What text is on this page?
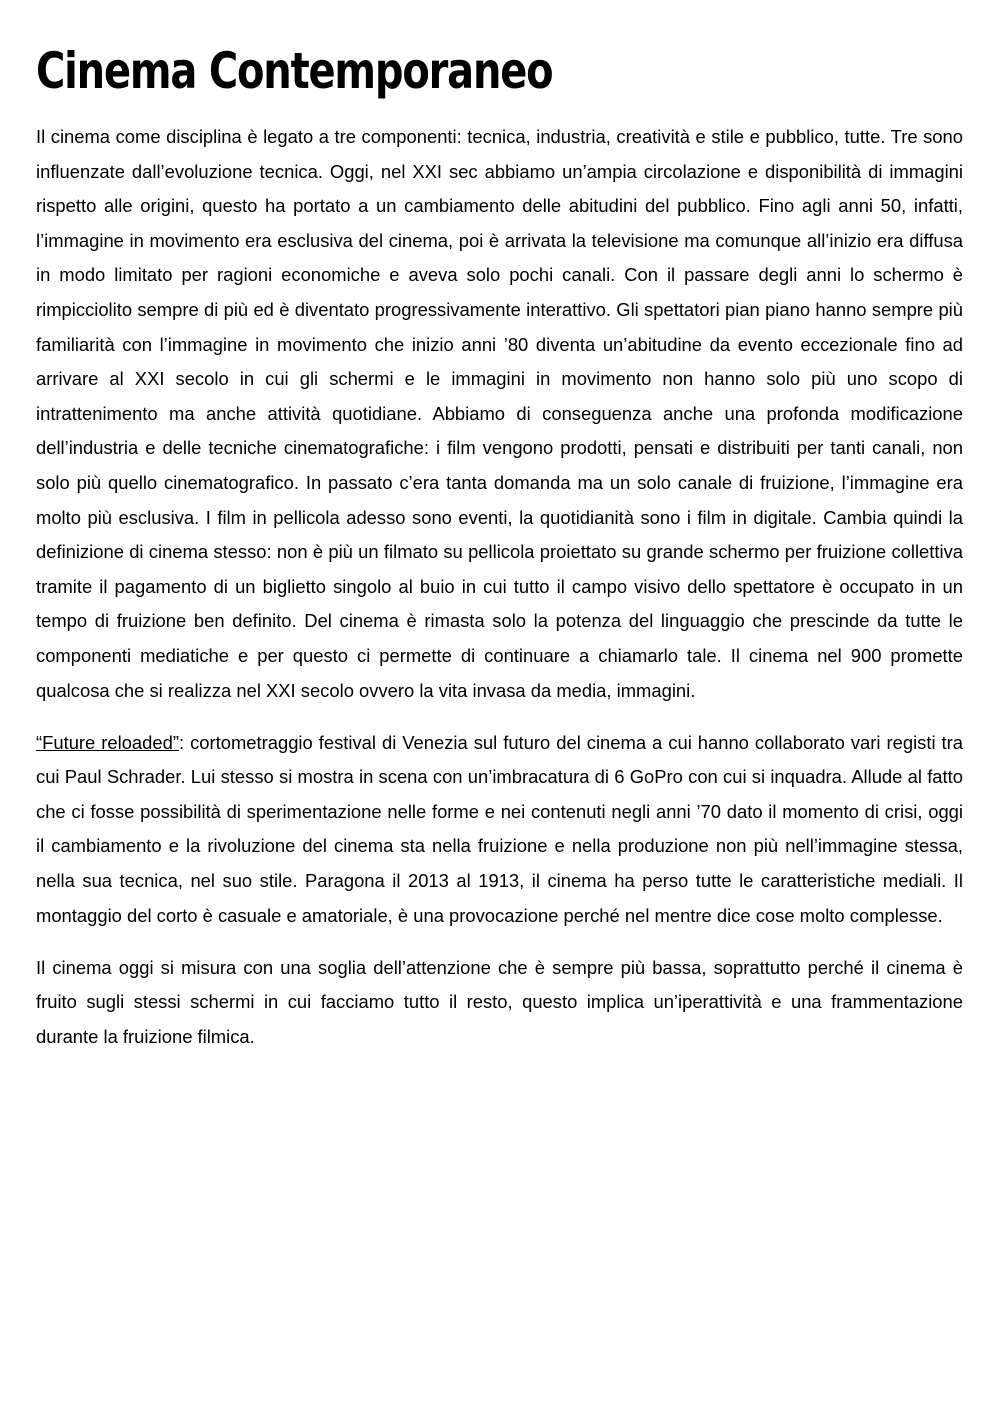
Cinema Contemporaneo

Il cinema come disciplina è legato a tre componenti: tecnica, industria, creatività e stile e pubblico, tutte. Tre sono influenzate dall’evoluzione tecnica. Oggi, nel XXI sec abbiamo un’ampia circolazione e disponibilità di immagini rispetto alle origini, questo ha portato a un cambiamento delle abitudini del pubblico. Fino agli anni 50, infatti, l’immagine in movimento era esclusiva del cinema, poi è arrivata la televisione ma comunque all’inizio era diffusa in modo limitato per ragioni economiche e aveva solo pochi canali. Con il passare degli anni lo schermo è rimpicciolito sempre di più ed è diventato progressivamente interattivo. Gli spettatori pian piano hanno sempre più familiarità con l’immagine in movimento che inizio anni ’80 diventa un’abitudine da evento eccezionale fino ad arrivare al XXI secolo in cui gli schermi e le immagini in movimento non hanno solo più uno scopo di intrattenimento ma anche attività quotidiane. Abbiamo di conseguenza anche una profonda modificazione dell’industria e delle tecniche cinematografiche: i film vengono prodotti, pensati e distribuiti per tanti canali, non solo più quello cinematografico. In passato c’era tanta domanda ma un solo canale di fruizione, l’immagine era molto più esclusiva. I film in pellicola adesso sono eventi, la quotidianità sono i film in digitale. Cambia quindi la definizione di cinema stesso: non è più un filmato su pellicola proiettato su grande schermo per fruizione collettiva tramite il pagamento di un biglietto singolo al buio in cui tutto il campo visivo dello spettatore è occupato in un tempo di fruizione ben definito. Del cinema è rimasta solo la potenza del linguaggio che prescinde da tutte le componenti mediatiche e per questo ci permette di continuare a chiamarlo tale. Il cinema nel 900 promette qualcosa che si realizza nel XXI secolo ovvero la vita invasa da media, immagini.

“Future reloaded”: cortometraggio festival di Venezia sul futuro del cinema a cui hanno collaborato vari registi tra cui Paul Schrader. Lui stesso si mostra in scena con un’imbracatura di 6 GoPro con cui si inquadra. Allude al fatto che ci fosse possibilità di sperimentazione nelle forme e nei contenuti negli anni ’70 dato il momento di crisi, oggi il cambiamento e la rivoluzione del cinema sta nella fruizione e nella produzione non più nell’immagine stessa, nella sua tecnica, nel suo stile. Paragona il 2013 al 1913, il cinema ha perso tutte le caratteristiche mediali. Il montaggio del corto è casuale e amatoriale, è una provocazione perché nel mentre dice cose molto complesse.

Il cinema oggi si misura con una soglia dell’attenzione che è sempre più bassa, soprattutto perché il cinema è fruito sugli stessi schermi in cui facciamo tutto il resto, questo implica un’iperattività e una frammentazione durante la fruizione filmica.
